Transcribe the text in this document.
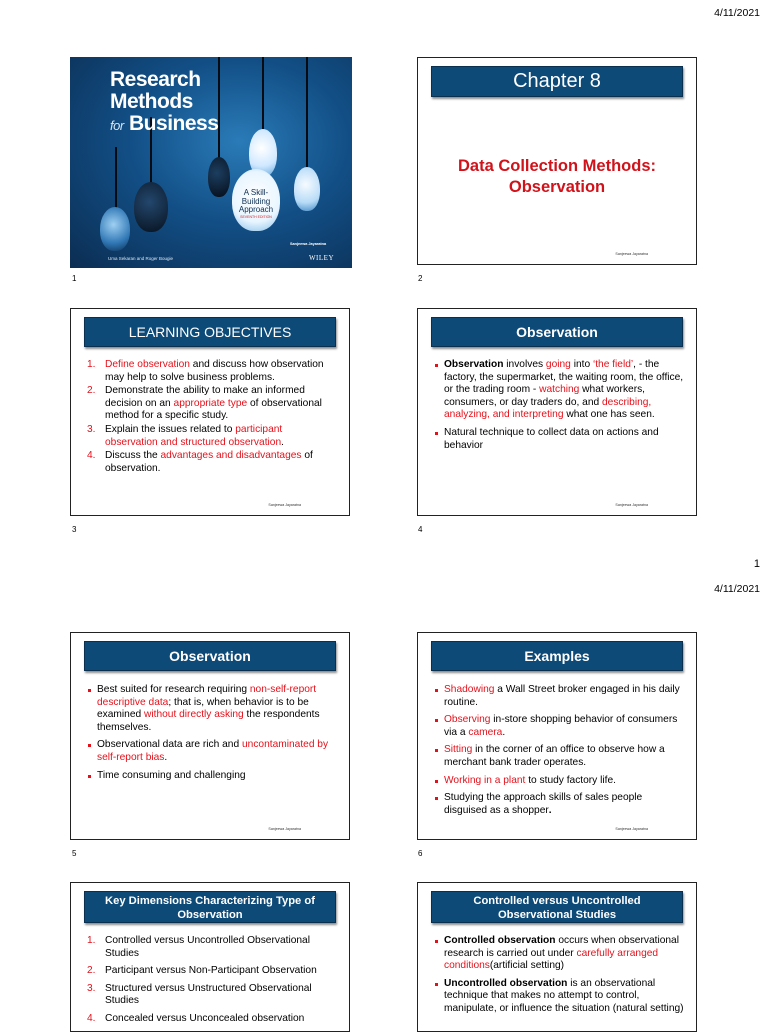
4/11/2021
Research
Methods
for Business
A Skill-
Building
Approach
SEVENTH EDITION
Sanjeewa Jayaratna
Uma Sekaran and Roger Bougie	WILEY
1
Chapter 8
Data Collection Methods:
Observation
Sanjeewa Jayaratna
2
LEARNING OBJECTIVES
1. Define observation and discuss how observation may help to solve business problems.
2. Demonstrate the ability to make an informed decision on an appropriate type of observational method for a specific study.
3. Explain the issues related to participant observation and structured observation.
4. Discuss the advantages and disadvantages of observation.
Sanjeewa Jayaratna
3
Observation
Observation involves going into ‘the field’, - the factory, the supermarket, the waiting room, the office, or the trading room - watching what workers, consumers, or day traders do, and describing, analyzing, and interpreting what one has seen.
Natural technique to collect data on actions and behavior
Sanjeewa Jayaratna
4
1
4/11/2021
Observation
Best suited for research requiring non-self-report descriptive data; that is, when behavior is to be examined without directly asking the respondents themselves.
Observational data are rich and uncontaminated by self-report bias.
Time consuming and challenging
Sanjeewa Jayaratna
5
Examples
Shadowing a Wall Street broker engaged in his daily routine.
Observing in-store shopping behavior of consumers via a camera.
Sitting in the corner of an office to observe how a merchant bank trader operates.
Working in a plant to study factory life.
Studying the approach skills of sales people disguised as a shopper.
Sanjeewa Jayaratna
6
Key Dimensions Characterizing Type of
Observation
1. Controlled versus Uncontrolled Observational Studies
2. Participant versus Non-Participant Observation
3. Structured versus Unstructured Observational Studies
4. Concealed versus Unconcealed observation
Controlled versus Uncontrolled
Observational Studies
Controlled observation occurs when observational research is carried out under carefully arranged conditions(artificial setting)
Uncontrolled observation is an observational technique that makes no attempt to control, manipulate, or influence the situation (natural setting)
